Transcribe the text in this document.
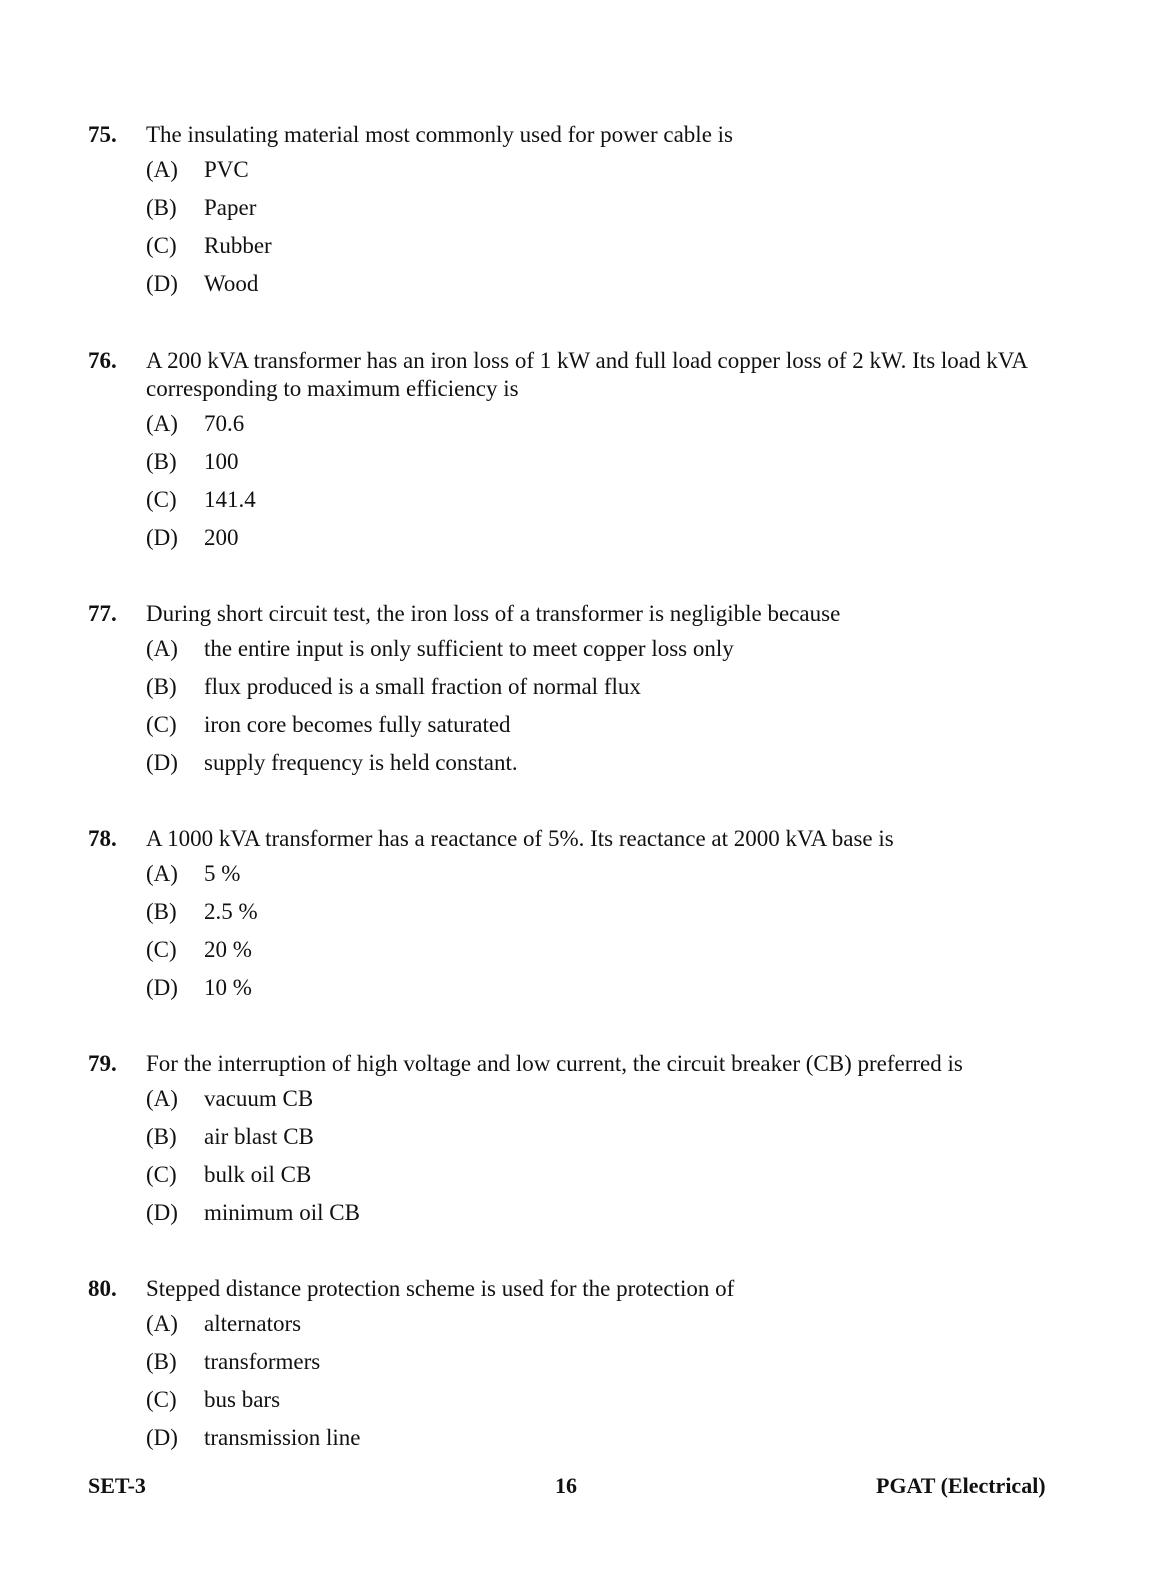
75. The insulating material most commonly used for power cable is
(A) PVC
(B) Paper
(C) Rubber
(D) Wood
76. A 200 kVA transformer has an iron loss of 1 kW and full load copper loss of 2 kW. Its load kVA corresponding to maximum efficiency is
(A) 70.6
(B) 100
(C) 141.4
(D) 200
77. During short circuit test, the iron loss of a transformer is negligible because
(A) the entire input is only sufficient to meet copper loss only
(B) flux produced is a small fraction of normal flux
(C) iron core becomes fully saturated
(D) supply frequency is held constant.
78. A 1000 kVA transformer has a reactance of 5%. Its reactance at 2000 kVA base is
(A) 5 %
(B) 2.5 %
(C) 20 %
(D) 10 %
79. For the interruption of high voltage and low current, the circuit breaker (CB) preferred is
(A) vacuum CB
(B) air blast CB
(C) bulk oil CB
(D) minimum oil CB
80. Stepped distance protection scheme is used for the protection of
(A) alternators
(B) transformers
(C) bus bars
(D) transmission line
SET-3	16	PGAT (Electrical)
